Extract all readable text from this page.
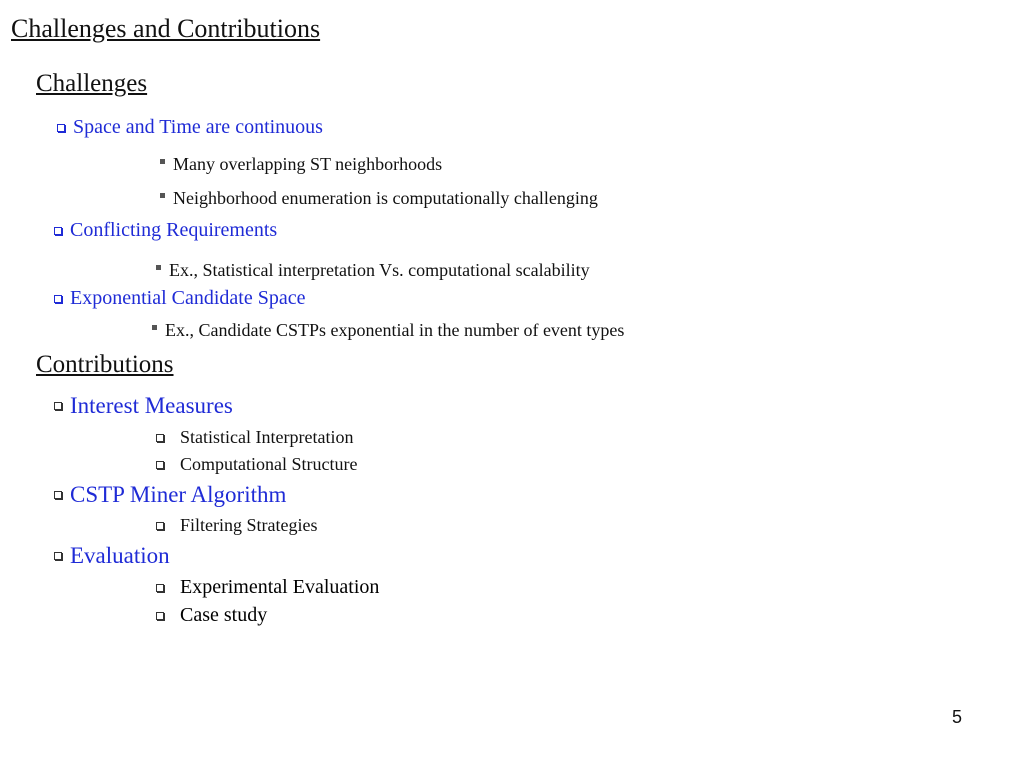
Challenges and Contributions
Challenges
Space and Time are continuous
Many overlapping ST neighborhoods
Neighborhood enumeration is computationally challenging
Conflicting Requirements
Ex., Statistical interpretation Vs. computational scalability
Exponential Candidate Space
Ex., Candidate CSTPs exponential in the number of event types
Contributions
Interest Measures
Statistical Interpretation
Computational Structure
CSTP Miner Algorithm
Filtering Strategies
Evaluation
Experimental Evaluation
Case study
5
